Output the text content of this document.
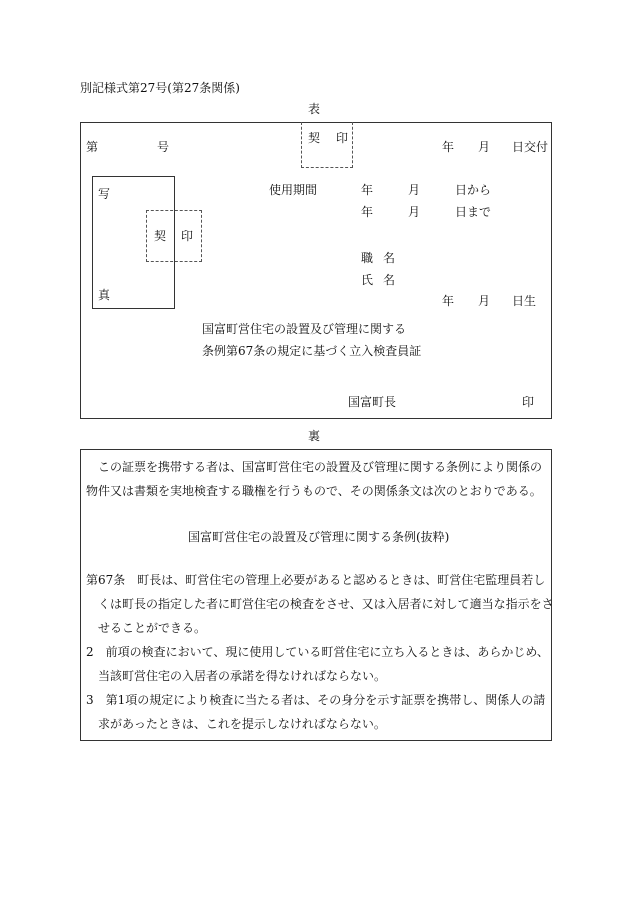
別記様式第27号(第27条関係)
表
第	号
契 印
年 月 日交付
写
真
契 印
使用期間	年	月	日から
年	月	日まで
職 名
氏 名
年 月 日生
国富町営住宅の設置及び管理に関する
条例第67条の規定に基づく立入検査員証
国富町長	印
裏
この証票を携帯する者は、国富町営住宅の設置及び管理に関する条例により関係の物件又は書類を実地検査する職権を行うもので、その関係条文は次のとおりである。
国富町営住宅の設置及び管理に関する条例(抜粋)
第67条　町長は、町営住宅の管理上必要があると認めるときは、町営住宅監理員若しくは町長の指定した者に町営住宅の検査をさせ、又は入居者に対して適当な指示をさせることができる。
2　前項の検査において、現に使用している町営住宅に立ち入るときは、あらかじめ、当該町営住宅の入居者の承諾を得なければならない。
3　第1項の規定により検査に当たる者は、その身分を示す証票を携帯し、関係人の請求があったときは、これを提示しなければならない。
